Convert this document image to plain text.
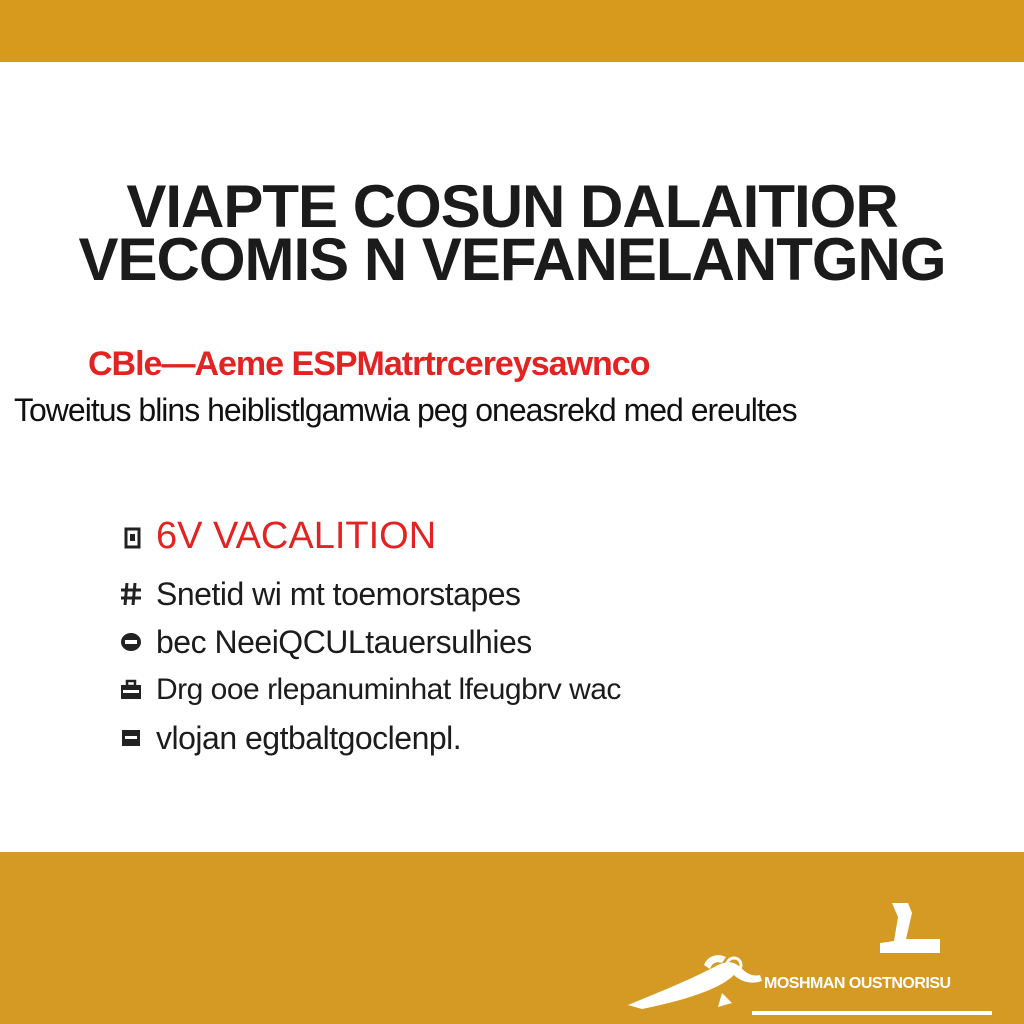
VIAPTE COSUN DALAITIOR
VECOMIS N VEFANELANTGNG
CBle—Aeme ESPMatrtrcereysawnco
Toweitus blins heiblistlgamwia peg oneasrekd med ereultes
6V VACALITION
Snetid wi mt toemorstapes
bec NeeiQCULtauersulhies
Drg ooe rlepanuminhat lfeugbrv wac
vlojan egtbaltgoclenpl.
MOSHMAN OUSTNORISU
